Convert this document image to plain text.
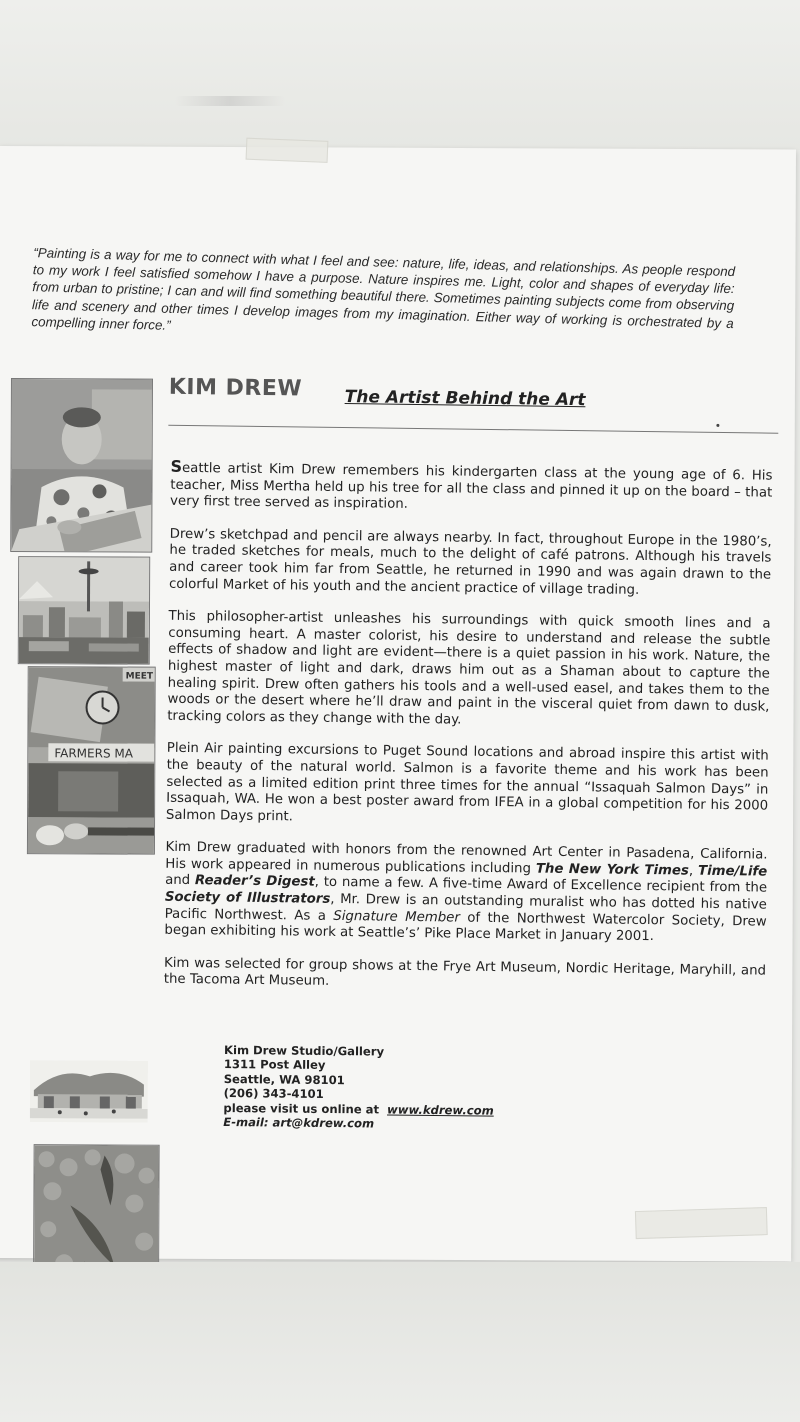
“Painting is a way for me to connect with what I feel and see: nature, life, ideas, and relationships. As people respond to my work I feel satisfied somehow I have a purpose. Nature inspires me. Light, color and shapes of everyday life: from urban to pristine; I can and will find something beautiful there. Sometimes painting subjects come from observing life and scenery and other times I develop images from my imagination. Either way of working is orchestrated by a compelling inner force.”

MEET
FARMERS MA
KIM DREW The Artist Behind the Art

Seattle artist Kim Drew remembers his kindergarten class at the young age of 6. His teacher, Miss Mertha held up his tree for all the class and pinned it up on the board – that very first tree served as inspiration.

Drew’s sketchpad and pencil are always nearby. In fact, throughout Europe in the 1980’s, he traded sketches for meals, much to the delight of café patrons. Although his travels and career took him far from Seattle, he returned in 1990 and was again drawn to the colorful Market of his youth and the ancient practice of village trading.

This philosopher-artist unleashes his surroundings with quick smooth lines and a consuming heart. A master colorist, his desire to understand and release the subtle effects of shadow and light are evident—there is a quiet passion in his work. Nature, the highest master of light and dark, draws him out as a Shaman about to capture the healing spirit. Drew often gathers his tools and a well-used easel, and takes them to the woods or the desert where he’ll draw and paint in the visceral quiet from dawn to dusk, tracking colors as they change with the day.

Plein Air painting excursions to Puget Sound locations and abroad inspire this artist with the beauty of the natural world. Salmon is a favorite theme and his work has been selected as a limited edition print three times for the annual “Issaquah Salmon Days” in Issaquah, WA. He won a best poster award from IFEA in a global competition for his 2000 Salmon Days print.

Kim Drew graduated with honors from the renowned Art Center in Pasadena, California. His work appeared in numerous publications including The New York Times, Time/Life and Reader’s Digest, to name a few. A five-time Award of Excellence recipient from the Society of Illustrators, Mr. Drew is an outstanding muralist who has dotted his native Pacific Northwest. As a Signature Member of the Northwest Watercolor Society, Drew began exhibiting his work at Seattle’s’ Pike Place Market in January 2001.

Kim was selected for group shows at the Frye Art Museum, Nordic Heritage, Maryhill, and the Tacoma Art Museum.

Kim Drew Studio/Gallery
1311 Post Alley
Seattle, WA 98101
(206) 343-4101
please visit us online at www.kdrew.com
E-mail: art@kdrew.com
